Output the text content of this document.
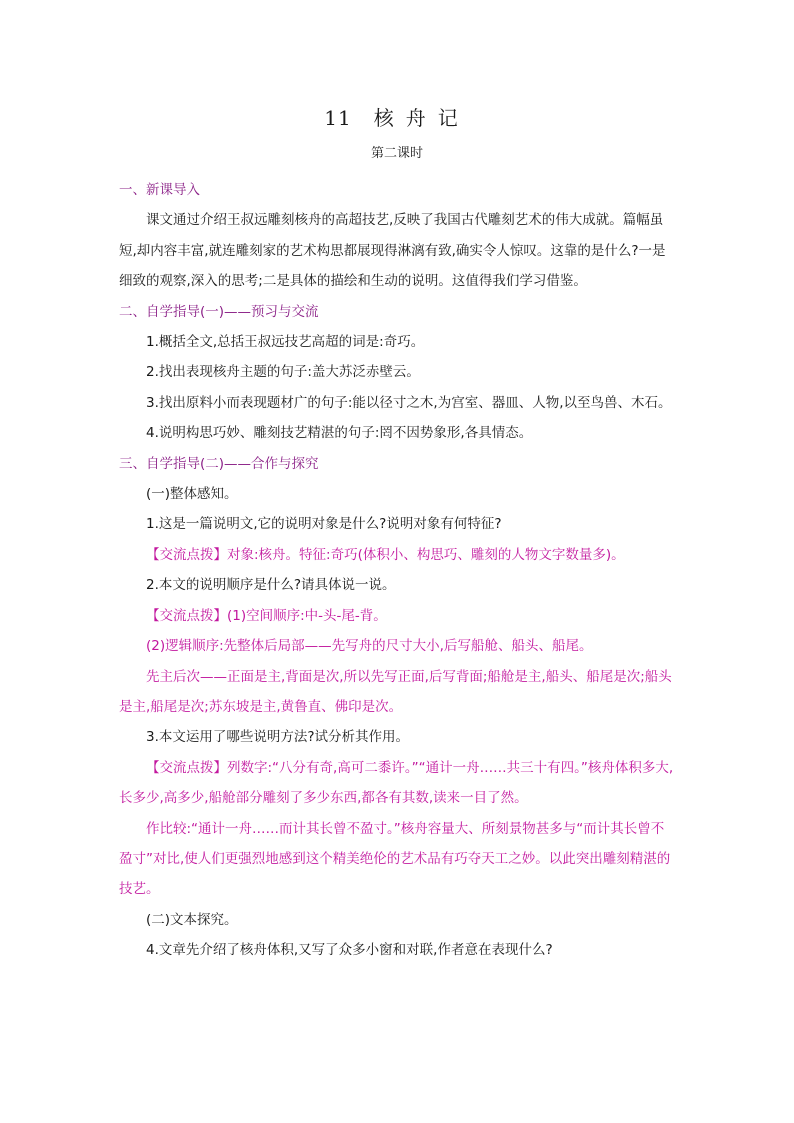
11 核舟记
第二课时

一、新课导入

课文通过介绍王叔远雕刻核舟的高超技艺,反映了我国古代雕刻艺术的伟大成就。篇幅虽短,却内容丰富,就连雕刻家的艺术构思都展现得淋漓有致,确实令人惊叹。这靠的是什么?一是细致的观察,深入的思考;二是具体的描绘和生动的说明。这值得我们学习借鉴。

二、自学指导(一)——预习与交流

1.概括全文,总括王叔远技艺高超的词是:奇巧。

2.找出表现核舟主题的句子:盖大苏泛赤壁云。

3.找出原料小而表现题材广的句子:能以径寸之木,为宫室、器皿、人物,以至鸟兽、木石。

4.说明构思巧妙、雕刻技艺精湛的句子:罔不因势象形,各具情态。

三、自学指导(二)——合作与探究

(一)整体感知。

1.这是一篇说明文,它的说明对象是什么?说明对象有何特征?

【交流点拨】对象:核舟。特征:奇巧(体积小、构思巧、雕刻的人物文字数量多)。

2.本文的说明顺序是什么?请具体说一说。

【交流点拨】(1)空间顺序:中-头-尾-背。

(2)逻辑顺序:先整体后局部——先写舟的尺寸大小,后写船舱、船头、船尾。

先主后次——正面是主,背面是次,所以先写正面,后写背面;船舱是主,船头、船尾是次;船头是主,船尾是次;苏东坡是主,黄鲁直、佛印是次。

3.本文运用了哪些说明方法?试分析其作用。

【交流点拨】列数字:“八分有奇,高可二黍许。”“通计一舟……共三十有四。”核舟体积多大,长多少,高多少,船舱部分雕刻了多少东西,都各有其数,读来一目了然。

作比较:“通计一舟……而计其长曾不盈寸。”核舟容量大、所刻景物甚多与“而计其长曾不盈寸”对比,使人们更强烈地感到这个精美绝伦的艺术品有巧夺天工之妙。以此突出雕刻精湛的技艺。

(二)文本探究。

4.文章先介绍了核舟体积,又写了众多小窗和对联,作者意在表现什么?
